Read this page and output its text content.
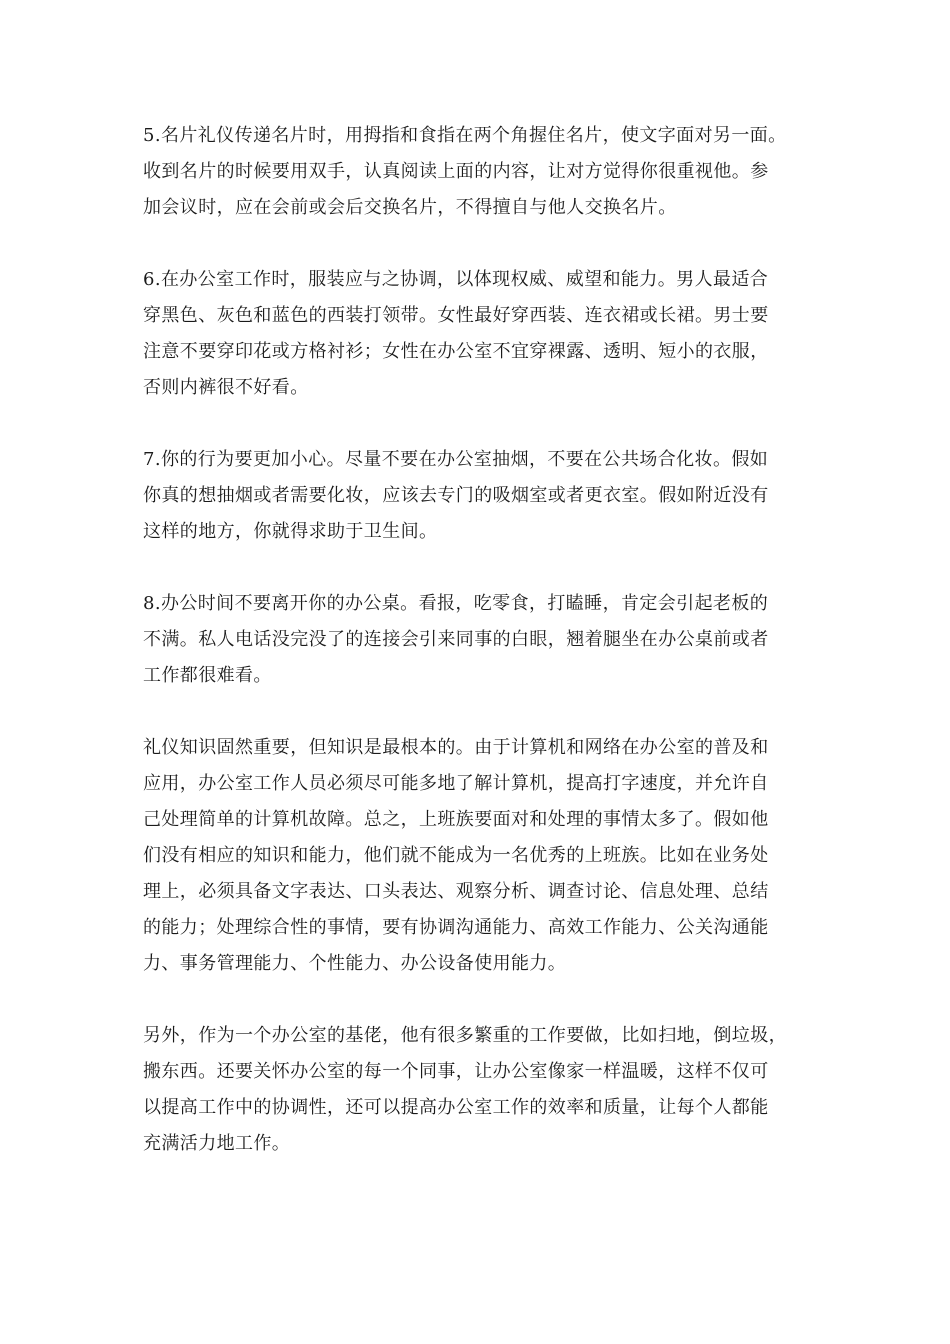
5.名片礼仪传递名片时，用拇指和食指在两个角握住名片，使文字面对另一面。
收到名片的时候要用双手，认真阅读上面的内容，让对方觉得你很重视他。参
加会议时，应在会前或会后交换名片，不得擅自与他人交换名片。

6.在办公室工作时，服装应与之协调，以体现权威、威望和能力。男人最适合
穿黑色、灰色和蓝色的西装打领带。女性最好穿西装、连衣裙或长裙。男士要
注意不要穿印花或方格衬衫；女性在办公室不宜穿裸露、透明、短小的衣服，
否则内裤很不好看。

7.你的行为要更加小心。尽量不要在办公室抽烟，不要在公共场合化妆。假如
你真的想抽烟或者需要化妆，应该去专门的吸烟室或者更衣室。假如附近没有
这样的地方，你就得求助于卫生间。

8.办公时间不要离开你的办公桌。看报，吃零食，打瞌睡，肯定会引起老板的
不满。私人电话没完没了的连接会引来同事的白眼，翘着腿坐在办公桌前或者
工作都很难看。

礼仪知识固然重要，但知识是最根本的。由于计算机和网络在办公室的普及和
应用，办公室工作人员必须尽可能多地了解计算机，提高打字速度，并允许自
己处理简单的计算机故障。总之，上班族要面对和处理的事情太多了。假如他
们没有相应的知识和能力，他们就不能成为一名优秀的上班族。比如在业务处
理上，必须具备文字表达、口头表达、观察分析、调查讨论、信息处理、总结
的能力；处理综合性的事情，要有协调沟通能力、高效工作能力、公关沟通能
力、事务管理能力、个性能力、办公设备使用能力。

另外，作为一个办公室的基佬，他有很多繁重的工作要做，比如扫地，倒垃圾，
搬东西。还要关怀办公室的每一个同事，让办公室像家一样温暖，这样不仅可
以提高工作中的协调性，还可以提高办公室工作的效率和质量，让每个人都能
充满活力地工作。
